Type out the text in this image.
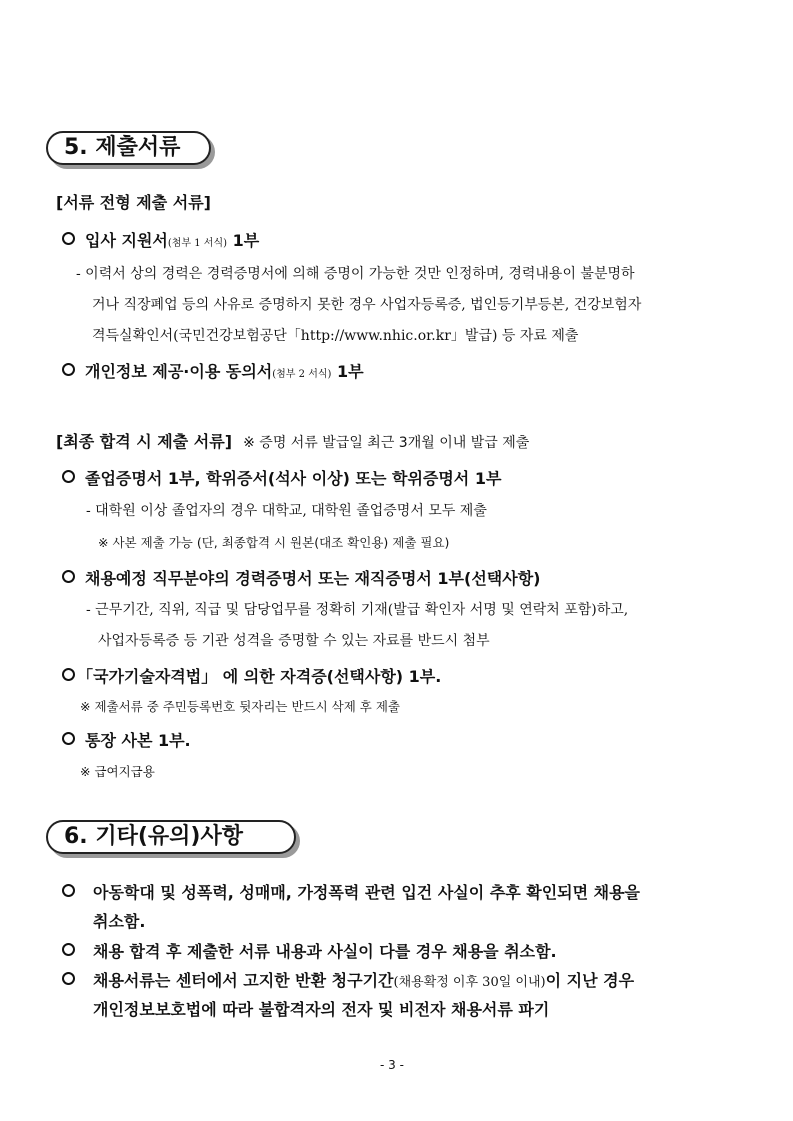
5. 제출서류
[서류 전형 제출 서류]
입사 지원서(첨부 1 서식) 1부
- 이력서 상의 경력은 경력증명서에 의해 증명이 가능한 것만 인정하며, 경력내용이 불분명하
거나 직장폐업 등의 사유로 증명하지 못한 경우 사업자등록증, 법인등기부등본, 건강보험자
격득실확인서(국민건강보험공단「http://www.nhic.or.kr」발급) 등 자료 제출
개인정보 제공·이용 동의서(첨부 2 서식) 1부
[최종 합격 시 제출 서류] ※ 증명 서류 발급일 최근 3개월 이내 발급 제출
졸업증명서 1부, 학위증서(석사 이상) 또는 학위증명서 1부
- 대학원 이상 졸업자의 경우 대학교, 대학원 졸업증명서 모두 제출
※ 사본 제출 가능 (단, 최종합격 시 원본(대조 확인용) 제출 필요)
채용예정 직무분야의 경력증명서 또는 재직증명서 1부(선택사항)
- 근무기간, 직위, 직급 및 담당업무를 정확히 기재(발급 확인자 서명 및 연락처 포함)하고,
사업자등록증 등 기관 성격을 증명할 수 있는 자료를 반드시 첨부
「국가기술자격법」 에 의한 자격증(선택사항) 1부.
※ 제출서류 중 주민등록번호 뒷자리는 반드시 삭제 후 제출
통장 사본 1부.
※ 급여지급용
6. 기타(유의)사항
아동학대 및 성폭력, 성매매, 가정폭력 관련 입건 사실이 추후 확인되면 채용을
취소함.
채용 합격 후 제출한 서류 내용과 사실이 다를 경우 채용을 취소함.
채용서류는 센터에서 고지한 반환 청구기간(채용확정 이후 30일 이내)이 지난 경우
개인정보보호법에 따라 불합격자의 전자 및 비전자 채용서류 파기
- 3 -
